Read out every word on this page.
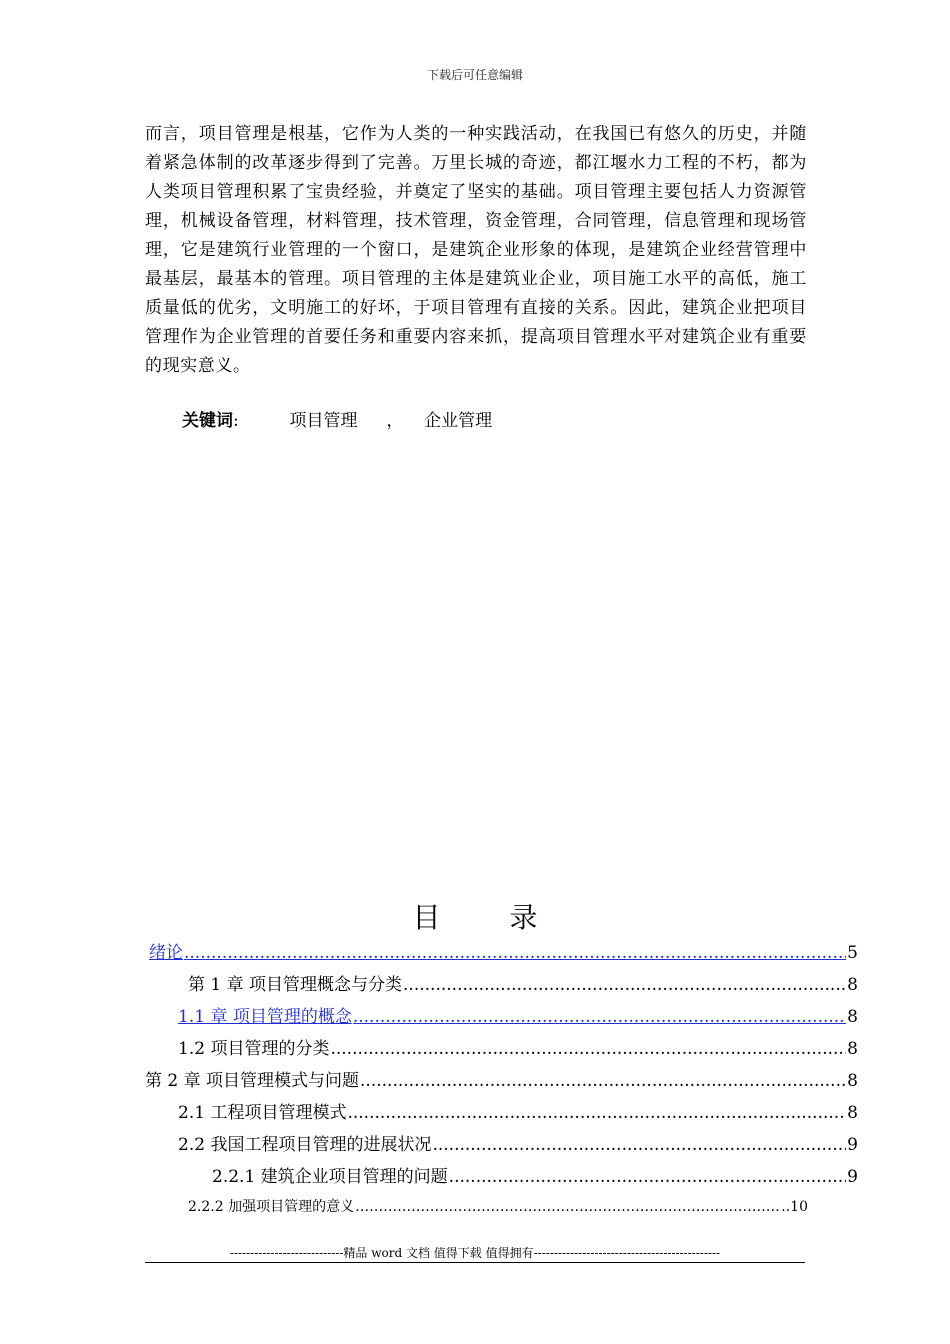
下载后可任意编辑
而言，项目管理是根基，它作为人类的一种实践活动，在我国已有悠久的历史，并随着紧急体制的改革逐步得到了完善。万里长城的奇迹，都江堰水力工程的不朽，都为人类项目管理积累了宝贵经验，并奠定了坚实的基础。项目管理主要包括人力资源管理，机械设备管理，材料管理，技术管理，资金管理，合同管理，信息管理和现场管理，它是建筑行业管理的一个窗口，是建筑企业形象的体现，是建筑企业经营管理中最基层，最基本的管理。项目管理的主体是建筑业企业，项目施工水平的高低，施工质量低的优劣，文明施工的好坏，于项目管理有直接的关系。因此，建筑企业把项目管理作为企业管理的首要任务和重要内容来抓，提高项目管理水平对建筑企业有重要的现实意义。
关键词:	项目管理 ， 企业管理
目 录
绪论 .....	5
第 1 章 项目管理概念与分类 .....	8
1.1 章 项目管理的概念 .....	8
1.2 项目管理的分类 .....	8
第 2 章 项目管理模式与问题 .....	8
2.1 工程项目管理模式 .....	8
2.2 我国工程项目管理的进展状况 .....	9
2.2.1 建筑企业项目管理的问题 .....	9
2.2.2 加强项目管理的意义 ……………………………………………………………………………………………	..10
----------------------------精品 word 文档 值得下载 值得拥有----------------------------------------------
